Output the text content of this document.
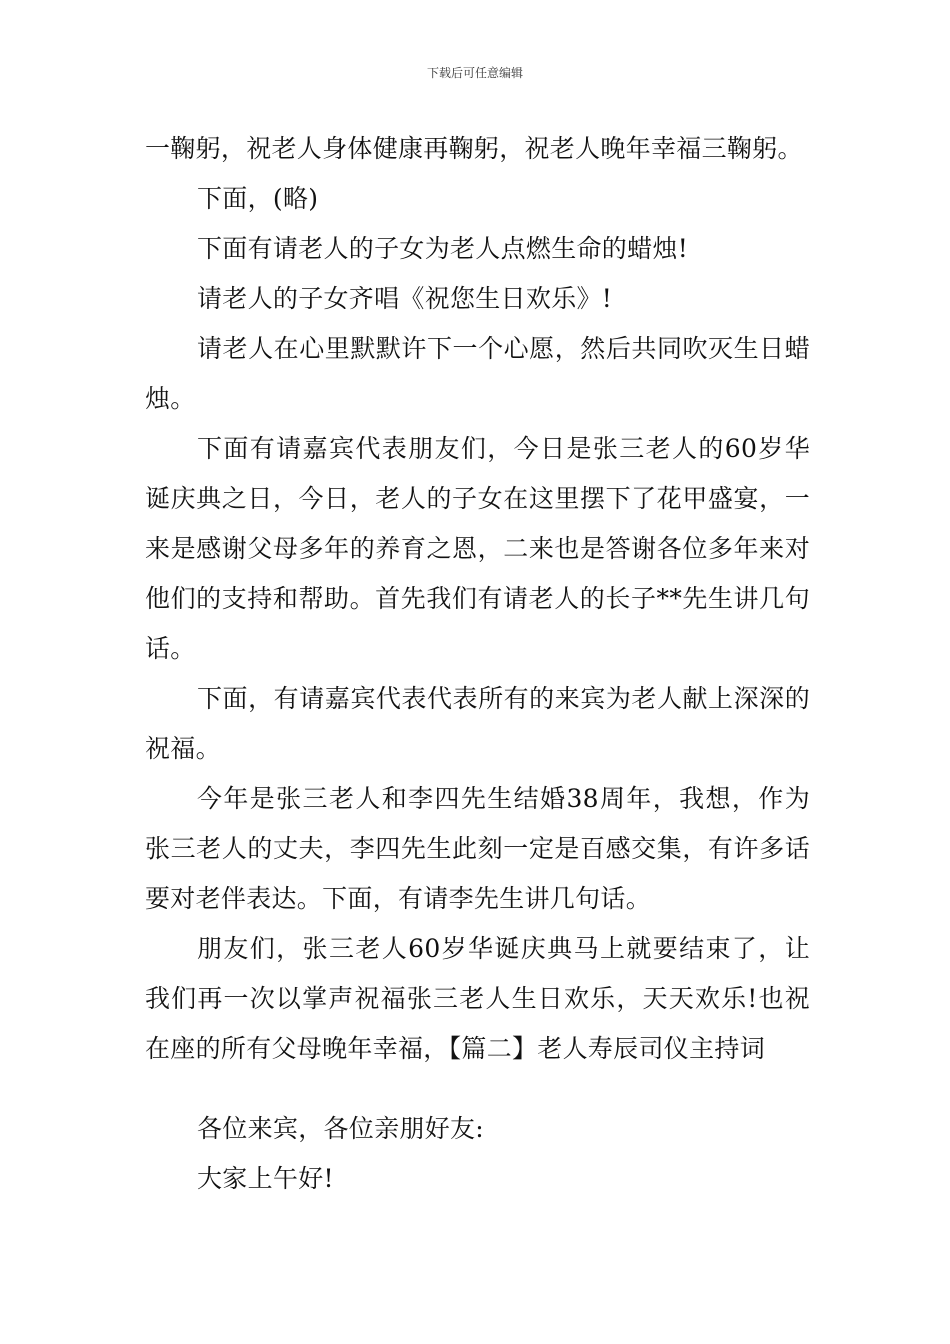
下载后可任意编辑

一鞠躬，祝老人身体健康再鞠躬，祝老人晚年幸福三鞠躬。

下面，(略)

下面有请老人的子女为老人点燃生命的蜡烛!

请老人的子女齐唱《祝您生日欢乐》!

请老人在心里默默许下一个心愿，然后共同吹灭生日蜡烛。

下面有请嘉宾代表朋友们，今日是张三老人的60岁华诞庆典之日，今日，老人的子女在这里摆下了花甲盛宴，一来是感谢父母多年的养育之恩，二来也是答谢各位多年来对他们的支持和帮助。首先我们有请老人的长子**先生讲几句话。

下面，有请嘉宾代表代表所有的来宾为老人献上深深的祝福。

今年是张三老人和李四先生结婚38周年，我想，作为张三老人的丈夫，李四先生此刻一定是百感交集，有许多话要对老伴表达。下面，有请李先生讲几句话。

朋友们，张三老人60岁华诞庆典马上就要结束了，让我们再一次以掌声祝福张三老人生日欢乐，天天欢乐!也祝在座的所有父母晚年幸福，【篇二】老人寿辰司仪主持词

各位来宾，各位亲朋好友:

大家上午好!
